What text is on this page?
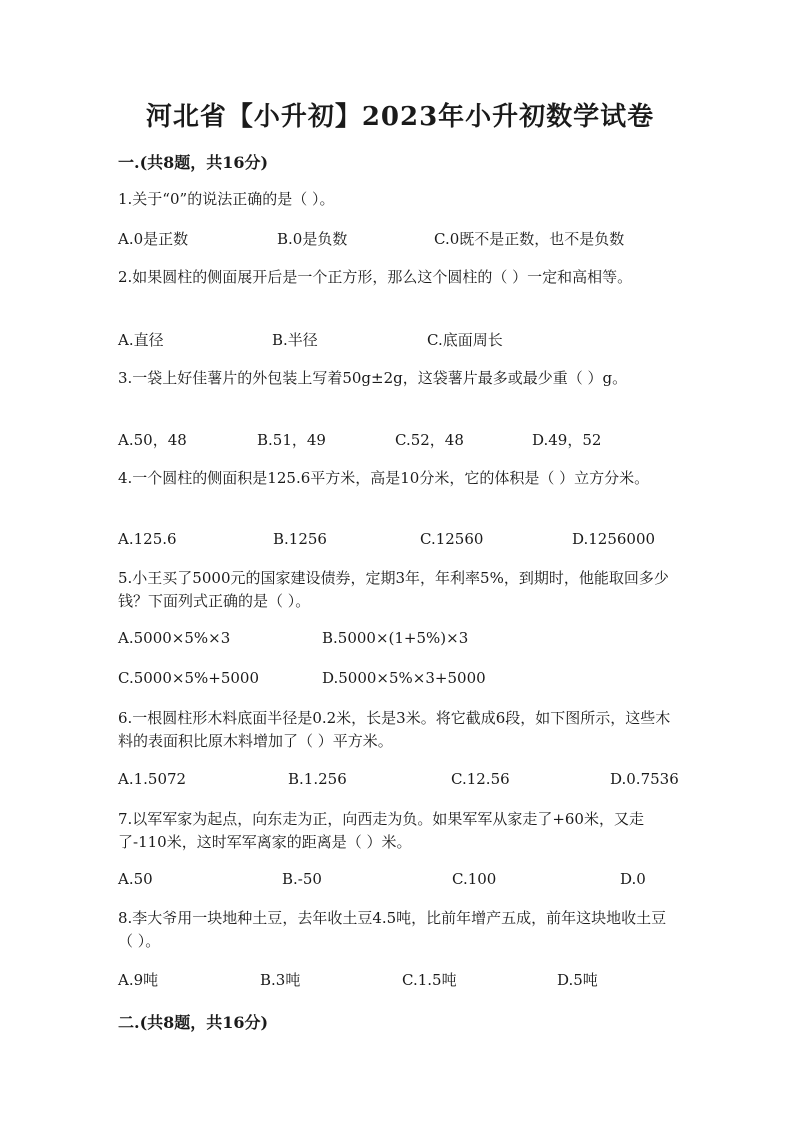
河北省【小升初】2023年小升初数学试卷
一.(共8题，共16分)
1.关于“0”的说法正确的是（ ）。
A.0是正数	B.0是负数	C.0既不是正数，也不是负数
2.如果圆柱的侧面展开后是一个正方形，那么这个圆柱的（ ）一定和高相等。
A.直径	B.半径	C.底面周长
3.一袋上好佳薯片的外包装上写着50g±2g，这袋薯片最多或最少重（ ）g。
A.50，48	B.51，49	C.52，48	D.49，52
4.一个圆柱的侧面积是125.6平方米，高是10分米，它的体积是（ ）立方分米。
A.125.6	B.1256	C.12560	D.1256000
5.小王买了5000元的国家建设债券，定期3年，年利率5%，到期时，他能取回多少钱？下面列式正确的是（ ）。
A.5000×5%×3	B.5000×(1+5%)×3
C.5000×5%+5000	D.5000×5%×3+5000
6.一根圆柱形木料底面半径是0.2米，长是3米。将它截成6段，如下图所示，这些木料的表面积比原木料增加了（ ）平方米。
A.1.5072	B.1.256	C.12.56	D.0.7536
7.以军军家为起点，向东走为正，向西走为负。如果军军从家走了+60米，又走了-110米，这时军军离家的距离是（ ）米。
A.50	B.-50	C.100	D.0
8.李大爷用一块地种土豆，去年收土豆4.5吨，比前年增产五成，前年这块地收土豆（ ）。
A.9吨	B.3吨	C.1.5吨	D.5吨
二.(共8题，共16分)
